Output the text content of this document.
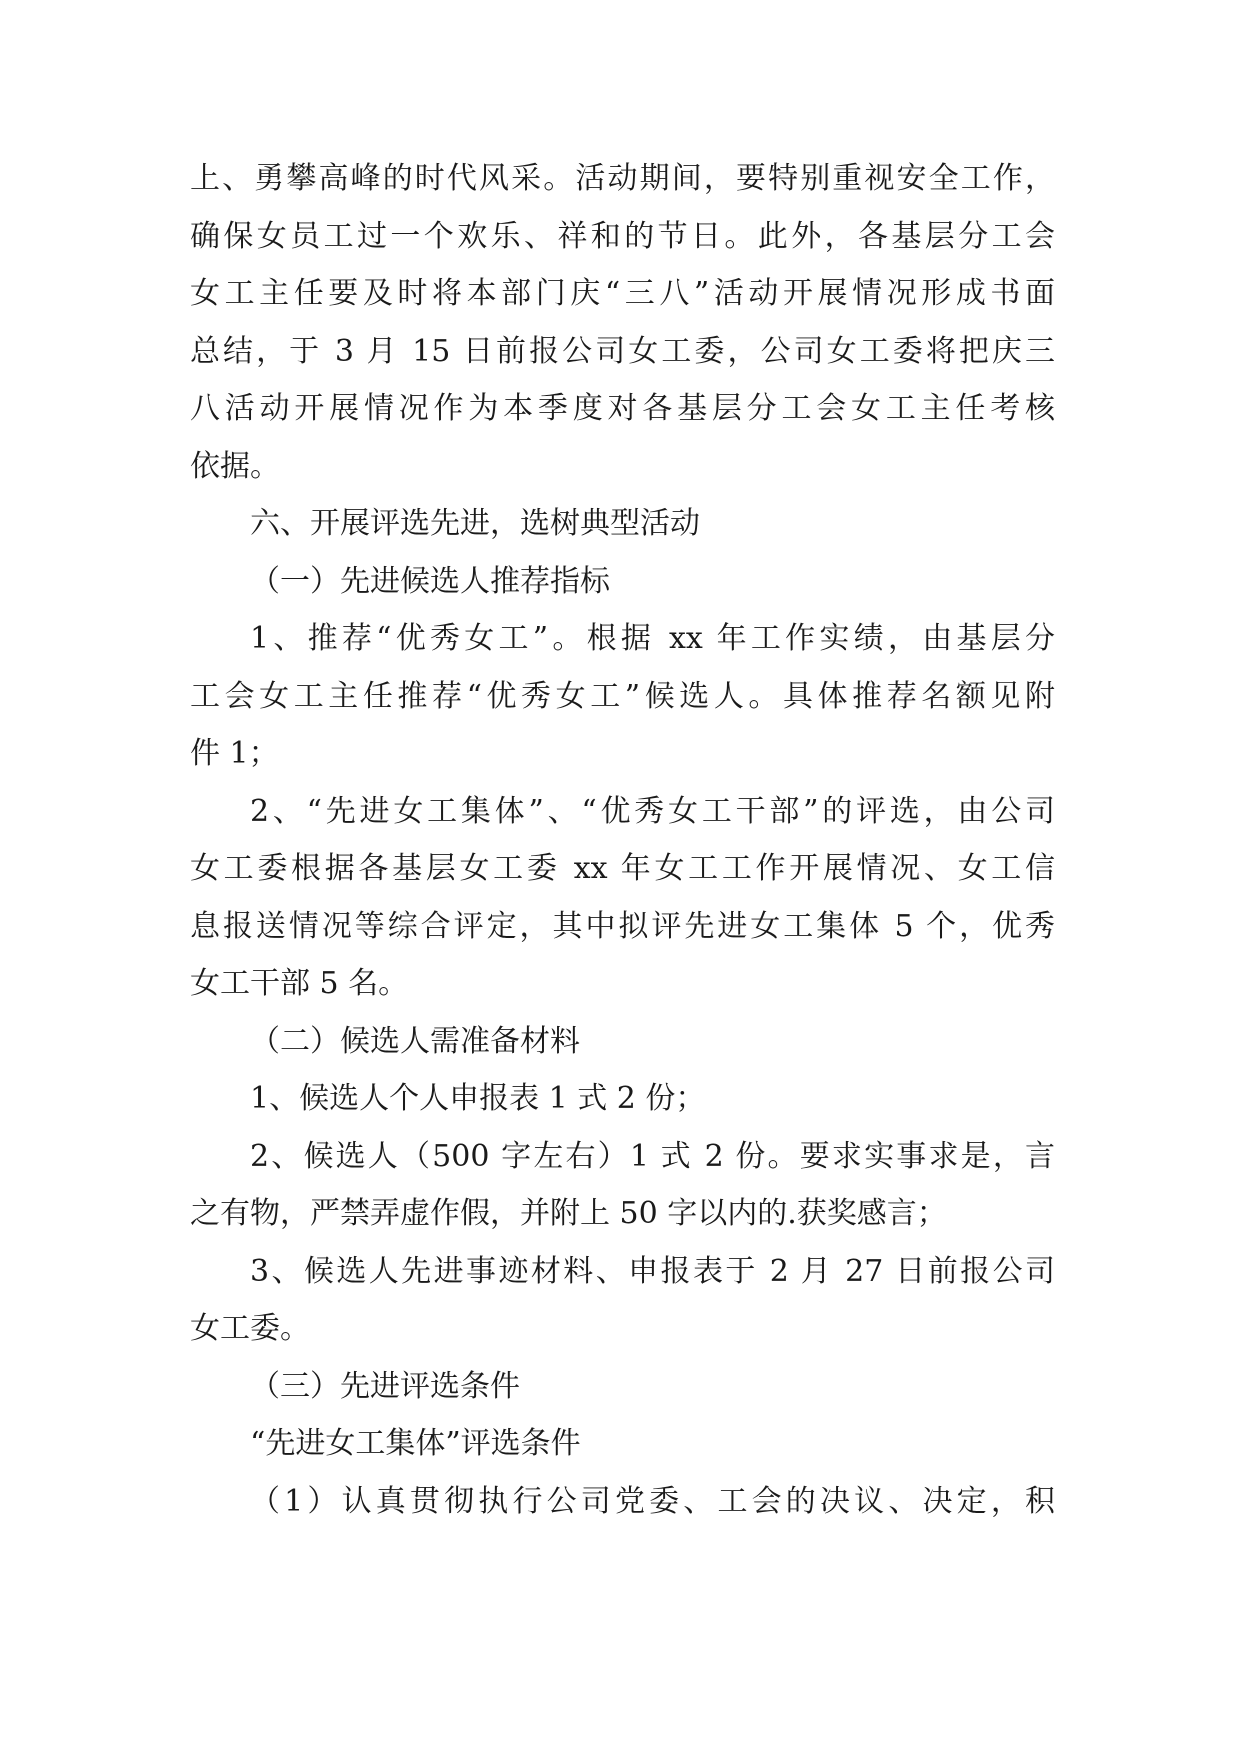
上、勇攀高峰的时代风采。活动期间，要特别重视安全工作，
确保女员工过一个欢乐、祥和的节日。此外，各基层分工会
女工主任要及时将本部门庆“三八”活动开展情况形成书面
总结，于 3 月 15 日前报公司女工委，公司女工委将把庆三
八活动开展情况作为本季度对各基层分工会女工主任考核
依据。
六、开展评选先进，选树典型活动
（一）先进候选人推荐指标
1、推荐“优秀女工”。根据 xx 年工作实绩，由基层分
工会女工主任推荐“优秀女工”候选人。具体推荐名额见附
件 1；
2、“先进女工集体”、“优秀女工干部”的评选，由公司
女工委根据各基层女工委 xx 年女工工作开展情况、女工信
息报送情况等综合评定，其中拟评先进女工集体 5 个，优秀
女工干部 5 名。
（二）候选人需准备材料
1、候选人个人申报表 1 式 2 份；
2、候选人（500 字左右）1 式 2 份。要求实事求是，言
之有物，严禁弄虚作假，并附上 50 字以内的.获奖感言；
3、候选人先进事迹材料、申报表于 2 月 27 日前报公司
女工委。
（三）先进评选条件
“先进女工集体”评选条件
（1）认真贯彻执行公司党委、工会的决议、决定，积
